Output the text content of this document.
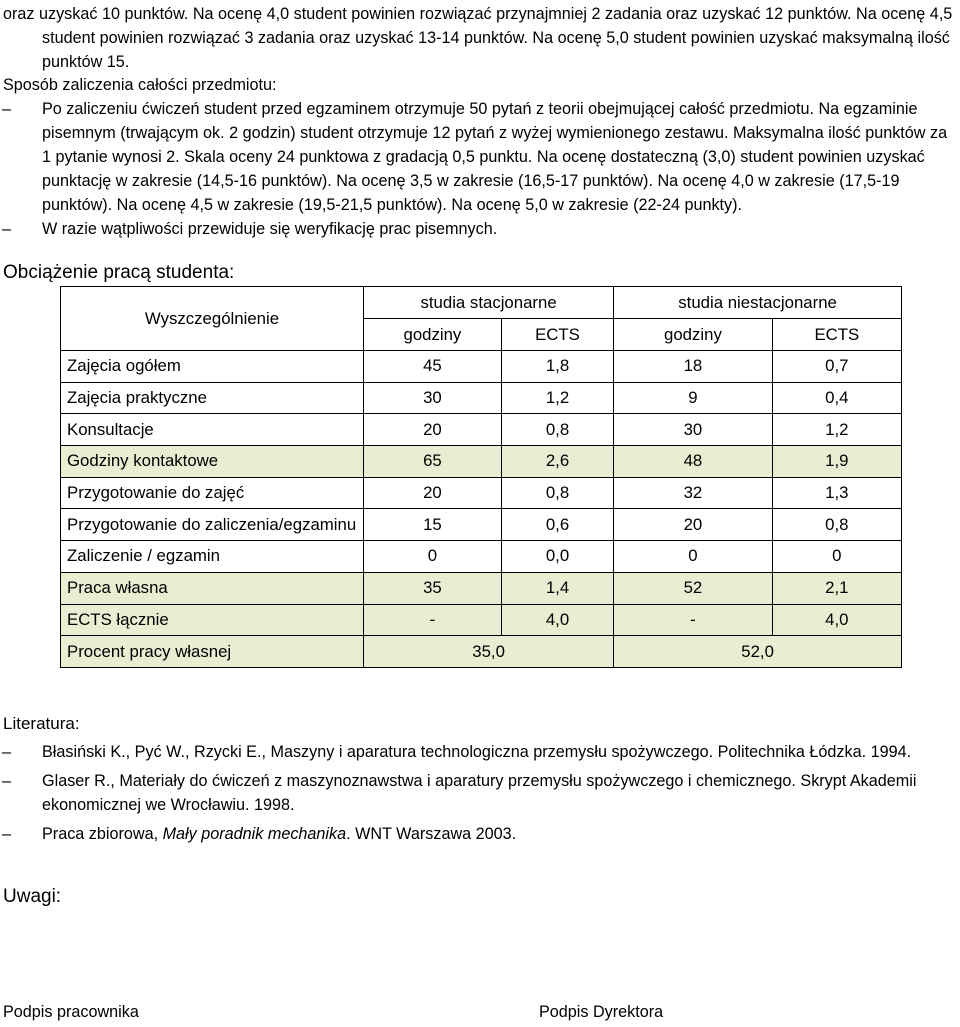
oraz uzyskać 10 punktów. Na ocenę 4,0 student powinien rozwiązać przynajmniej 2 zadania oraz uzyskać 12 punktów. Na ocenę 4,5 student powinien rozwiązać 3 zadania oraz uzyskać 13-14 punktów. Na ocenę 5,0 student powinien uzyskać maksymalną ilość punktów 15.

Sposób zaliczenia całości przedmiotu:
– Po zaliczeniu ćwiczeń student przed egzaminem otrzymuje 50 pytań z teorii obejmującej całość przedmiotu. Na egzaminie pisemnym (trwającym ok. 2 godzin) student otrzymuje 12 pytań z wyżej wymienionego zestawu. Maksymalna ilość punktów za 1 pytanie wynosi 2. Skala oceny 24 punktowa z gradacją 0,5 punktu. Na ocenę dostateczną (3,0) student powinien uzyskać punktację w zakresie (14,5-16 punktów). Na ocenę 3,5 w zakresie (16,5-17 punktów). Na ocenę 4,0 w zakresie (17,5-19 punktów). Na ocenę 4,5 w zakresie (19,5-21,5 punktów). Na ocenę 5,0 w zakresie (22-24 punkty).
– W razie wątpliwości przewiduje się weryfikację prac pisemnych.
Obciążenie pracą studenta:
Wyszczególnienie	studia stacjonarne		studia niestacjonarne	
	godziny	ECTS	godziny	ECTS
Zajęcia ogółem	45	1,8	18	0,7
Zajęcia praktyczne	30	1,2	9	0,4
Konsultacje	20	0,8	30	1,2
Godziny kontaktowe	65	2,6	48	1,9
Przygotowanie do zajęć	20	0,8	32	1,3
Przygotowanie do zaliczenia/egzaminu	15	0,6	20	0,8
Zaliczenie / egzamin	0	0,0	0	0
Praca własna	35	1,4	52	2,1
ECTS łącznie	-	4,0	-	4,0
Procent pracy własnej	35,0		52,0	
Literatura:
– Błasiński K., Pyć W., Rzycki E., Maszyny i aparatura technologiczna przemysłu spożywczego. Politechnika Łódzka. 1994.
– Glaser R., Materiały do ćwiczeń z maszynoznawstwa i aparatury przemysłu spożywczego i chemicznego. Skrypt Akademii ekonomicznej we Wrocławiu. 1998.
– Praca zbiorowa, Mały poradnik mechanika. WNT Warszawa 2003.
Uwagi:
Podpis pracownika	Podpis Dyrektora
